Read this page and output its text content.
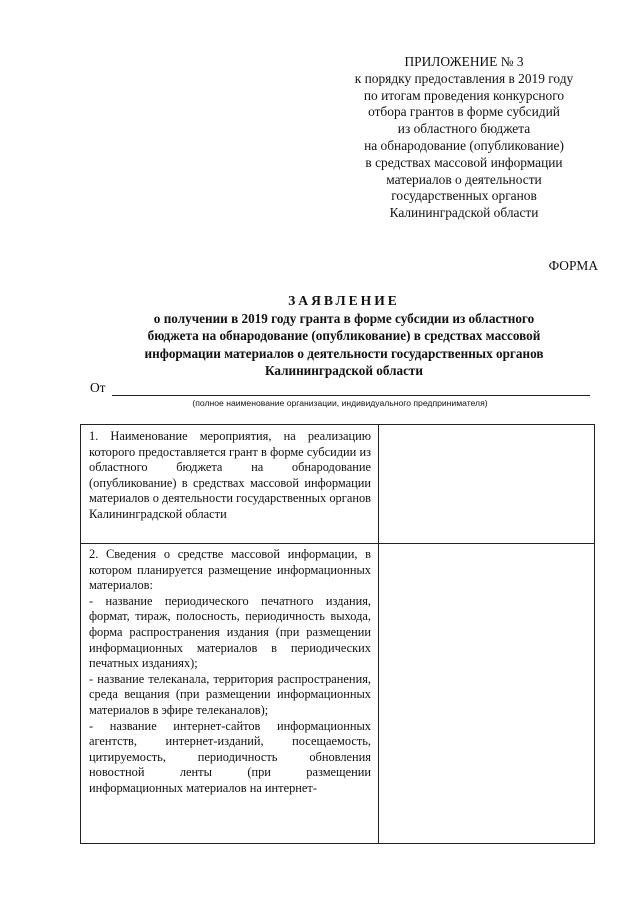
ПРИЛОЖЕНИЕ № 3
к порядку предоставления в 2019 году
по итогам проведения конкурсного
отбора грантов в форме субсидий
из областного бюджета
на обнародование (опубликование)
в средствах массовой информации
материалов о деятельности
государственных органов
Калининградской области
ФОРМА
ЗАЯВЛЕНИЕ
о получении в 2019 году гранта в форме субсидии из областного
бюджета на обнародование (опубликование) в средствах массовой
информации материалов о деятельности государственных органов
Калининградской области
От
(полное наименование организации, индивидуального предпринимателя)

1. Наименование мероприятия, на реализацию которого предоставляется грант в форме субсидии из областного бюджета на обнародование (опубликование) в средствах массовой информации материалов о деятельности государственных органов Калининградской области

2. Сведения о средстве массовой информации, в котором планируется размещение информационных материалов:

- название периодического печатного издания, формат, тираж, полосность, периодичность выхода, форма распространения издания (при размещении информационных материалов в периодических печатных изданиях);

- название телеканала, территория распространения, среда вещания (при размещении информационных материалов в эфире телеканалов);

- название интернет-сайтов информационных агентств, интернет-изданий, посещаемость, цитируемость, периодичность обновления новостной ленты (при размещении информационных материалов на интернет-
